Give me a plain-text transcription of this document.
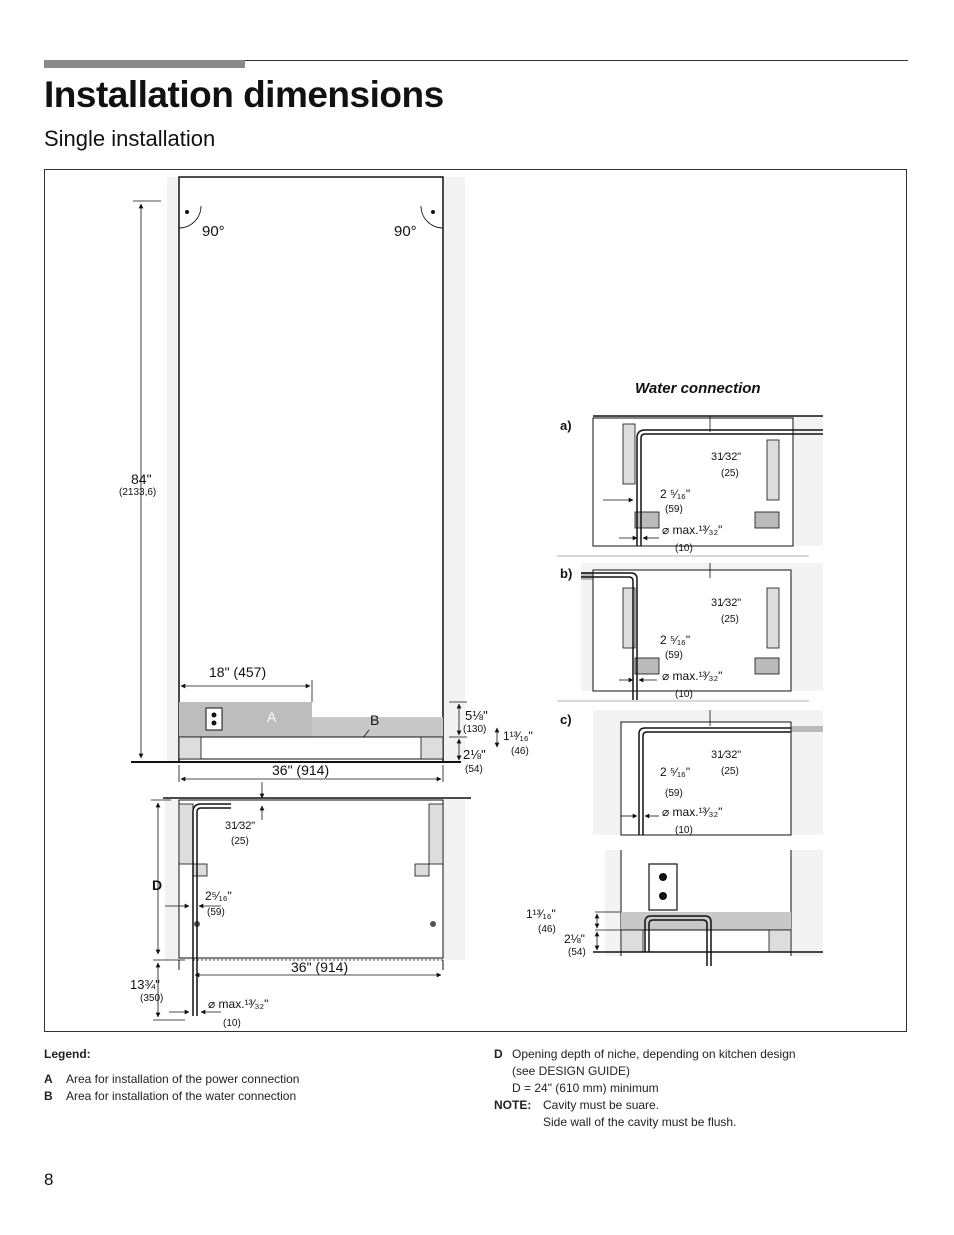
Installation dimensions
Single installation
90°	90°
84"
(2133,6)
A	B
18" (457)
5⅛"
(130) 1¹³⁄₁₆"
(46)
2⅛"
(54)
36" (914)
31⁄32"
(25)
D
2⁵⁄₁₆"
(59)
36" (914)
13¾"
(350)	⌀ max.¹³⁄₃₂"
(10)
Water connection
a)
31⁄32"
(25)
2 ⁵⁄₁₆"
(59)
⌀ max.¹³⁄₃₂"
(10)
b)
31⁄32"
(25)
2 ⁵⁄₁₆"
(59)
⌀ max.¹³⁄₃₂"
(10)
c)
31⁄32"
(25)
2 ⁵⁄₁₆"
(59)
⌀ max.¹³⁄₃₂"
(10)
1¹³⁄₁₆"
(46)
2⅛"
(54)
Legend:
A	Area for installation of the power connection
B	Area for installation of the water connection
D Opening depth of niche, depending on kitchen design
(see DESIGN GUIDE)
D = 24" (610 mm) minimum
NOTE: Cavity must be suare.
Side wall of the cavity must be flush.
8
